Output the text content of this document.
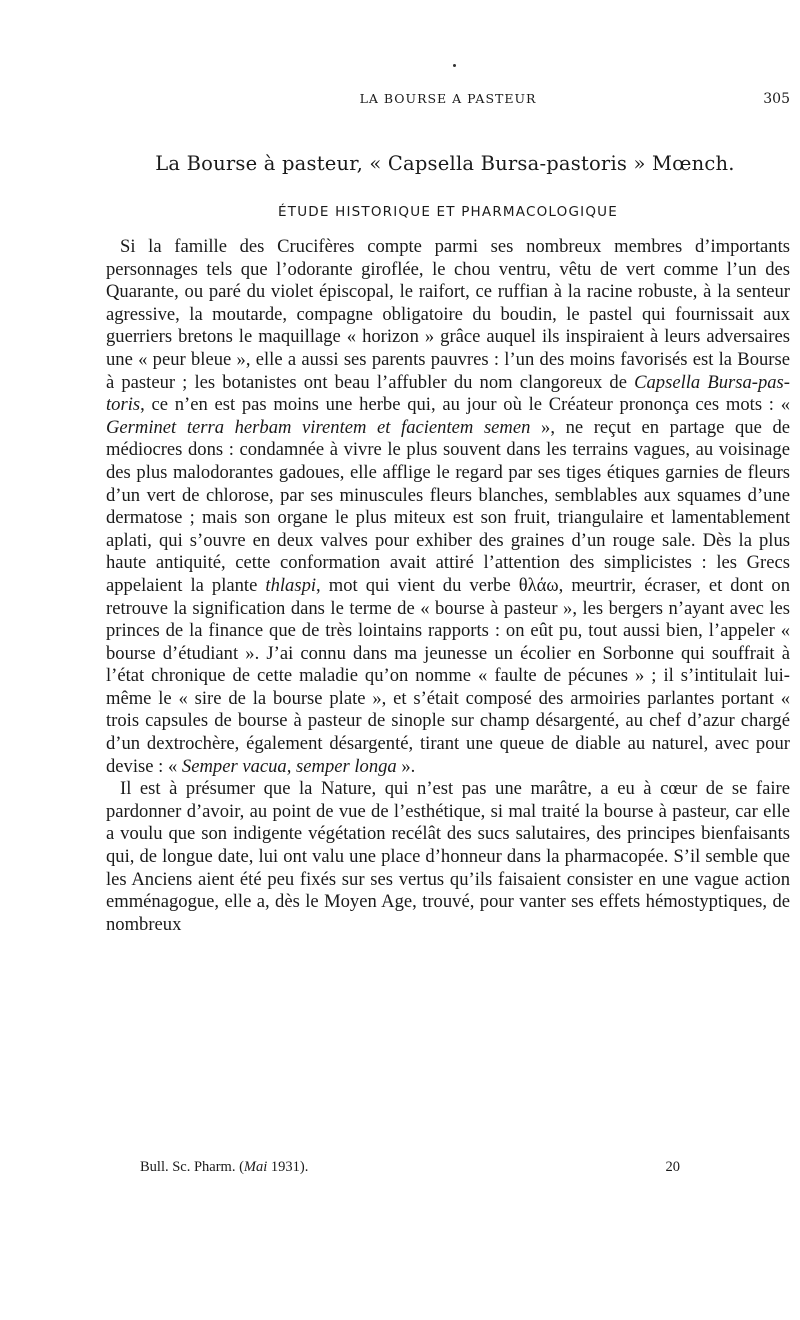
LA BOURSE A PASTEUR	305
La Bourse à pasteur, « Capsella Bursa-pastoris » Mœnch.
ÉTUDE HISTORIQUE ET PHARMACOLOGIQUE

Si la famille des Crucifères compte parmi ses nombreux membres d’importants personnages tels que l’odorante giroflée, le chou ventru, vêtu de vert comme l’un des Quarante, ou paré du violet épiscopal, le raifort, ce ruffian à la racine robuste, à la senteur agressive, la moutarde, compagne obligatoire du boudin, le pastel qui fournissait aux guerriers bretons le maquillage « horizon » grâce auquel ils inspiraient à leurs adversaires une « peur bleue », elle a aussi ses parents pauvres : l’un des moins favorisés est la Bourse à pasteur ; les botanistes ont beau l’affubler du nom clangoreux de Capsella Bursa-pastoris, ce n’en est pas moins une herbe qui, au jour où le Créateur prononça ces mots : « Germinet terra herbam virentem et facientem semen », ne reçut en partage que de médiocres dons : condamnée à vivre le plus souvent dans les terrains vagues, au voisinage des plus malodorantes gadoues, elle afflige le regard par ses tiges étiques garnies de fleurs d’un vert de chlorose, par ses minuscules fleurs blanches, semblables aux squames d’une dermatose ; mais son organe le plus miteux est son fruit, triangulaire et lamentablement aplati, qui s’ouvre en deux valves pour exhiber des graines d’un rouge sale. Dès la plus haute antiquité, cette conformation avait attiré l’attention des simplicistes : les Grecs appelaient la plante thlaspi, mot qui vient du verbe θλάω, meurtrir, écraser, et dont on retrouve la signification dans le terme de « bourse à pasteur », les bergers n’ayant avec les princes de la finance que de très lointains rapports : on eût pu, tout aussi bien, l’appeler « bourse d’étudiant ». J’ai connu dans ma jeunesse un écolier en Sorbonne qui souffrait à l’état chronique de cette maladie qu’on nomme « faulte de pécunes » ; il s’intitulait lui-même le « sire de la bourse plate », et s’était composé des armoiries parlantes portant « trois capsules de bourse à pasteur de sinople sur champ désargenté, au chef d’azur chargé d’un dextrochère, également désargenté, tirant une queue de diable au naturel, avec pour devise : « Semper vacua, semper longa ».

Il est à présumer que la Nature, qui n’est pas une marâtre, a eu à cœur de se faire pardonner d’avoir, au point de vue de l’esthétique, si mal traité la bourse à pasteur, car elle a voulu que son indigente végétation recélât des sucs salutaires, des principes bienfaisants qui, de longue date, lui ont valu une place d’honneur dans la pharmacopée. S’il semble que les Anciens aient été peu fixés sur ses vertus qu’ils faisaient consister en une vague action emménagogue, elle a, dès le Moyen Age, trouvé, pour vanter ses effets hémostyptiques, de nombreux

Bull. Sc. Pharm. (Mai 1931).	20
